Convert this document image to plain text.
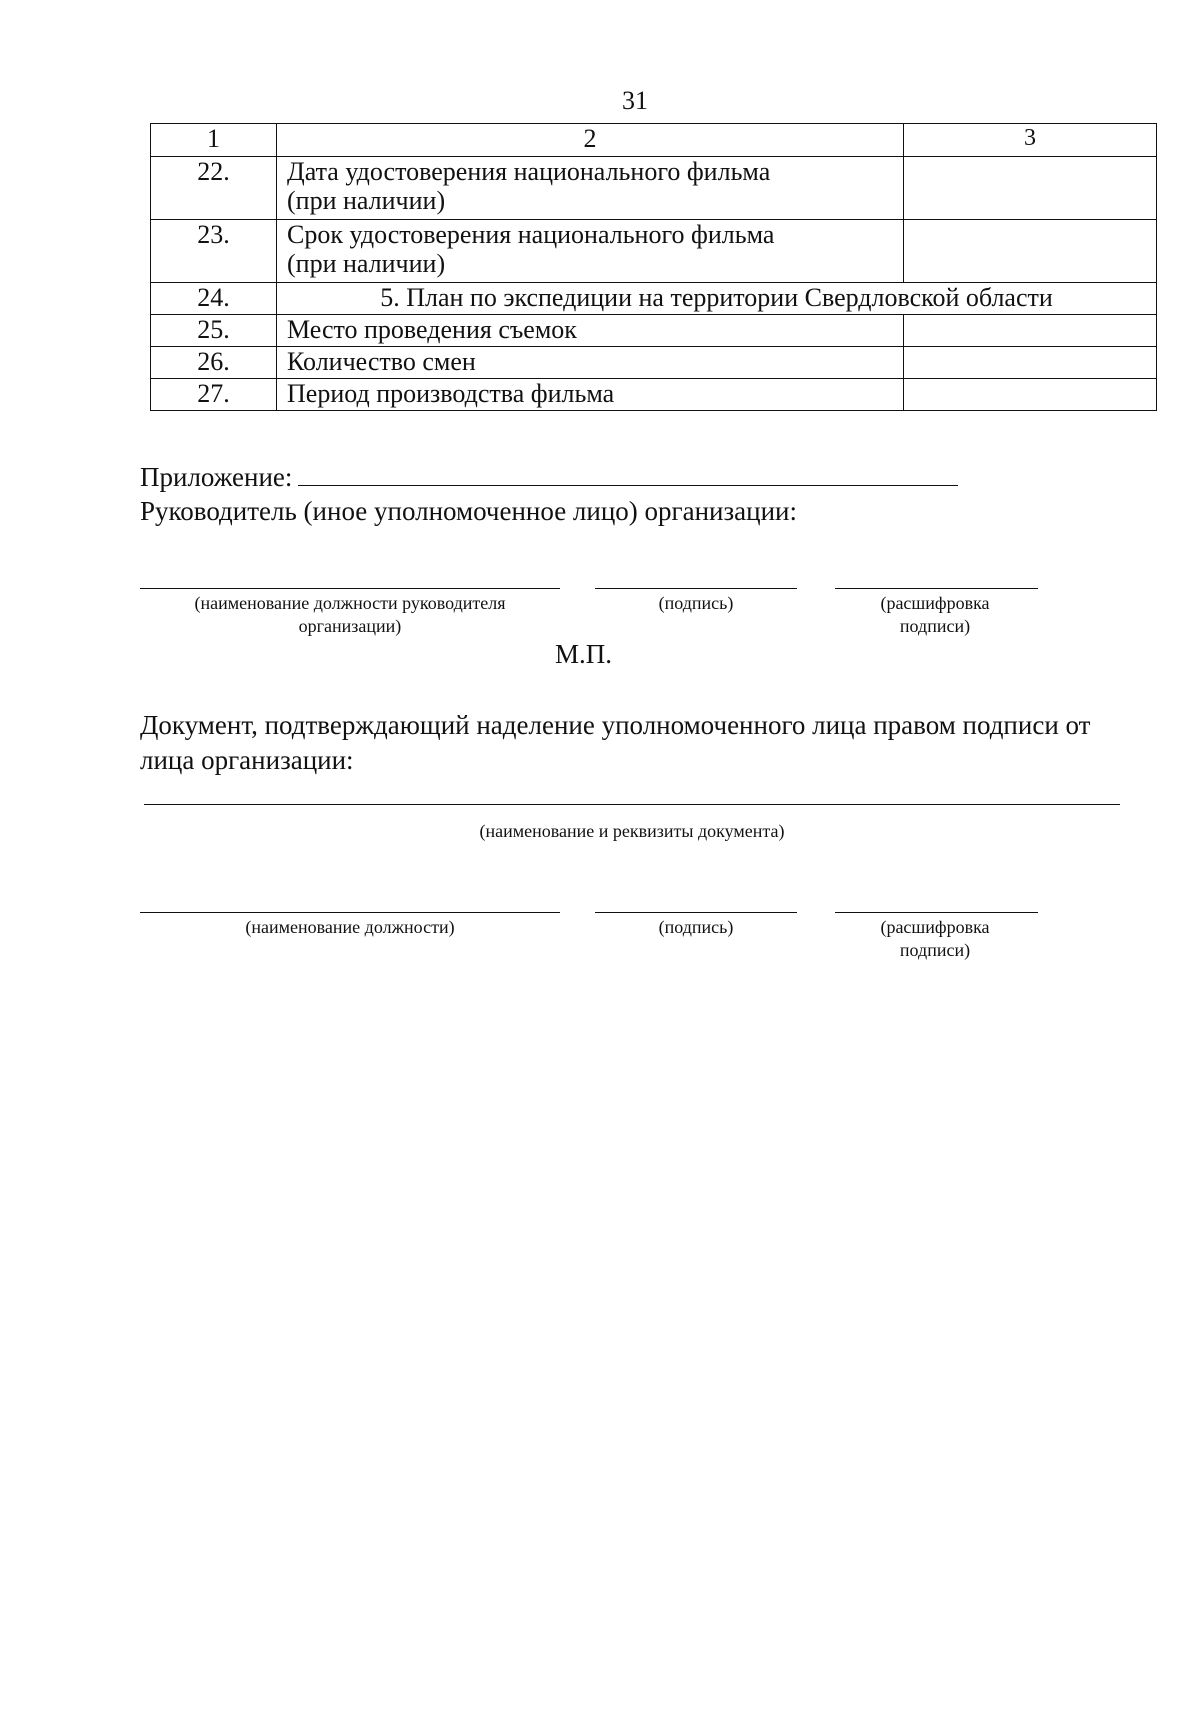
31
1	2	3
22.	Дата удостоверения национального фильма
(при наличии)	
23.	Срок удостоверения национального фильма
(при наличии)	
24.	5. План по экспедиции на территории Свердловской области	
25.	Место проведения съемок	
26.	Количество смен	
27.	Период производства фильма	
Приложение:
Руководитель (иное уполномоченное лицо) организации:
(наименование должности руководителя организации)
(подпись)	(расшифровка подписи)
М.П.
Документ, подтверждающий наделение уполномоченного лица правом подписи от лица организации:
(наименование и реквизиты документа)
(наименование должности)	(подпись)	(расшифровка подписи)
